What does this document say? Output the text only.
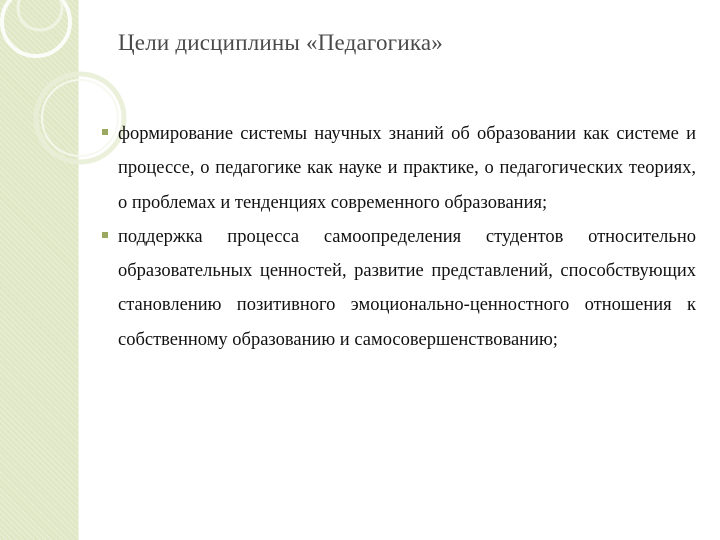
Цели дисциплины «Педагогика»
формирование системы научных знаний об образовании как системе и процессе, о педагогике как науке и практике, о педагогических теориях, о проблемах и тенденциях современного образования;
поддержка процесса самоопределения студентов относительно образовательных ценностей, развитие представлений, способствующих становлению позитивного эмоционально-ценностного отношения к собственному образованию и самосовершенствованию;
